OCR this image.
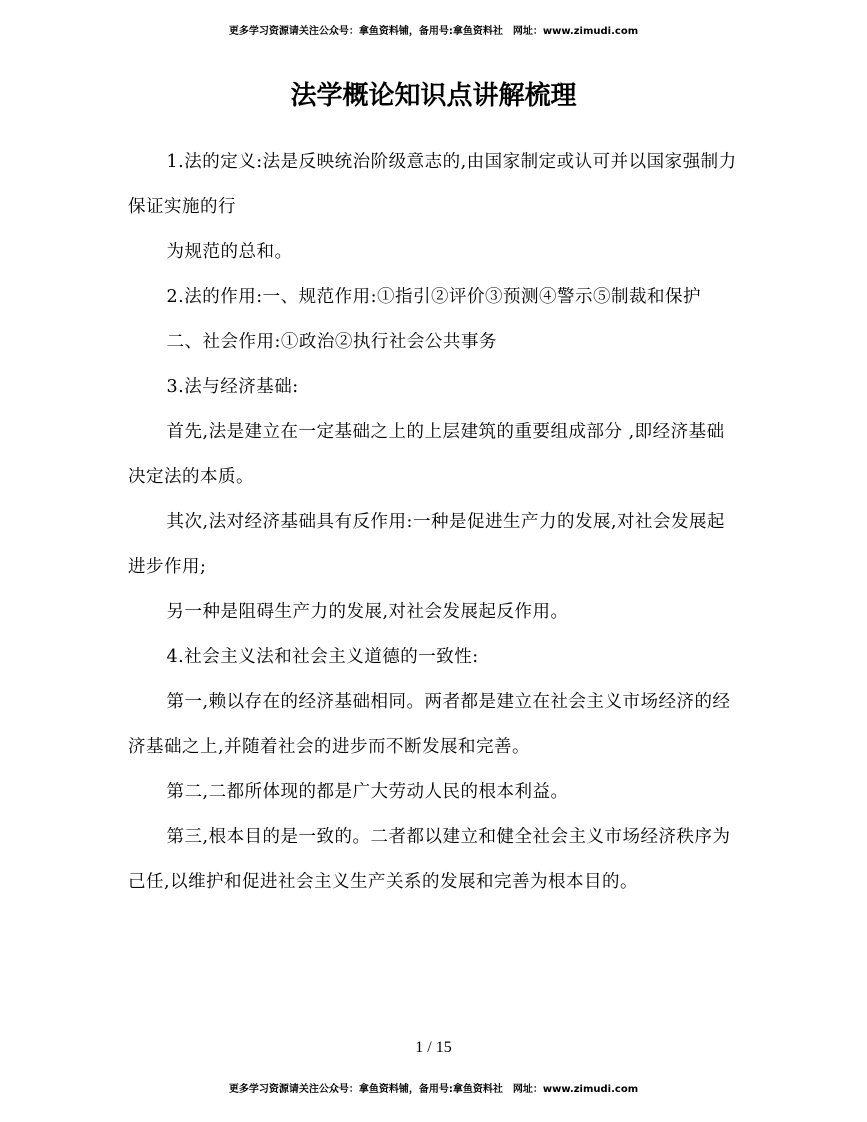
更多学习资源请关注公众号：拿鱼资料铺，备用号:拿鱼资料社　网址：www.zimudi.com
法学概论知识点讲解梳理

1.法的定义:法是反映统治阶级意志的,由国家制定或认可并以国家强制力保证实施的行

为规范的总和。

2.法的作用:一、规范作用:①指引②评价③预测④警示⑤制裁和保护

二、社会作用:①政治②执行社会公共事务

3.法与经济基础:

首先,法是建立在一定基础之上的上层建筑的重要组成部分 ,即经济基础决定法的本质。

其次,法对经济基础具有反作用:一种是促进生产力的发展,对社会发展起进步作用;

另一种是阻碍生产力的发展,对社会发展起反作用。

4.社会主义法和社会主义道德的一致性:

第一,赖以存在的经济基础相同。两者都是建立在社会主义市场经济的经济基础之上,并随着社会的进步而不断发展和完善。

第二,二都所体现的都是广大劳动人民的根本利益。

第三,根本目的是一致的。二者都以建立和健全社会主义市场经济秩序为己任,以维护和促进社会主义生产关系的发展和完善为根本目的。

1 / 15
更多学习资源请关注公众号：拿鱼资料铺，备用号:拿鱼资料社　网址：www.zimudi.com
